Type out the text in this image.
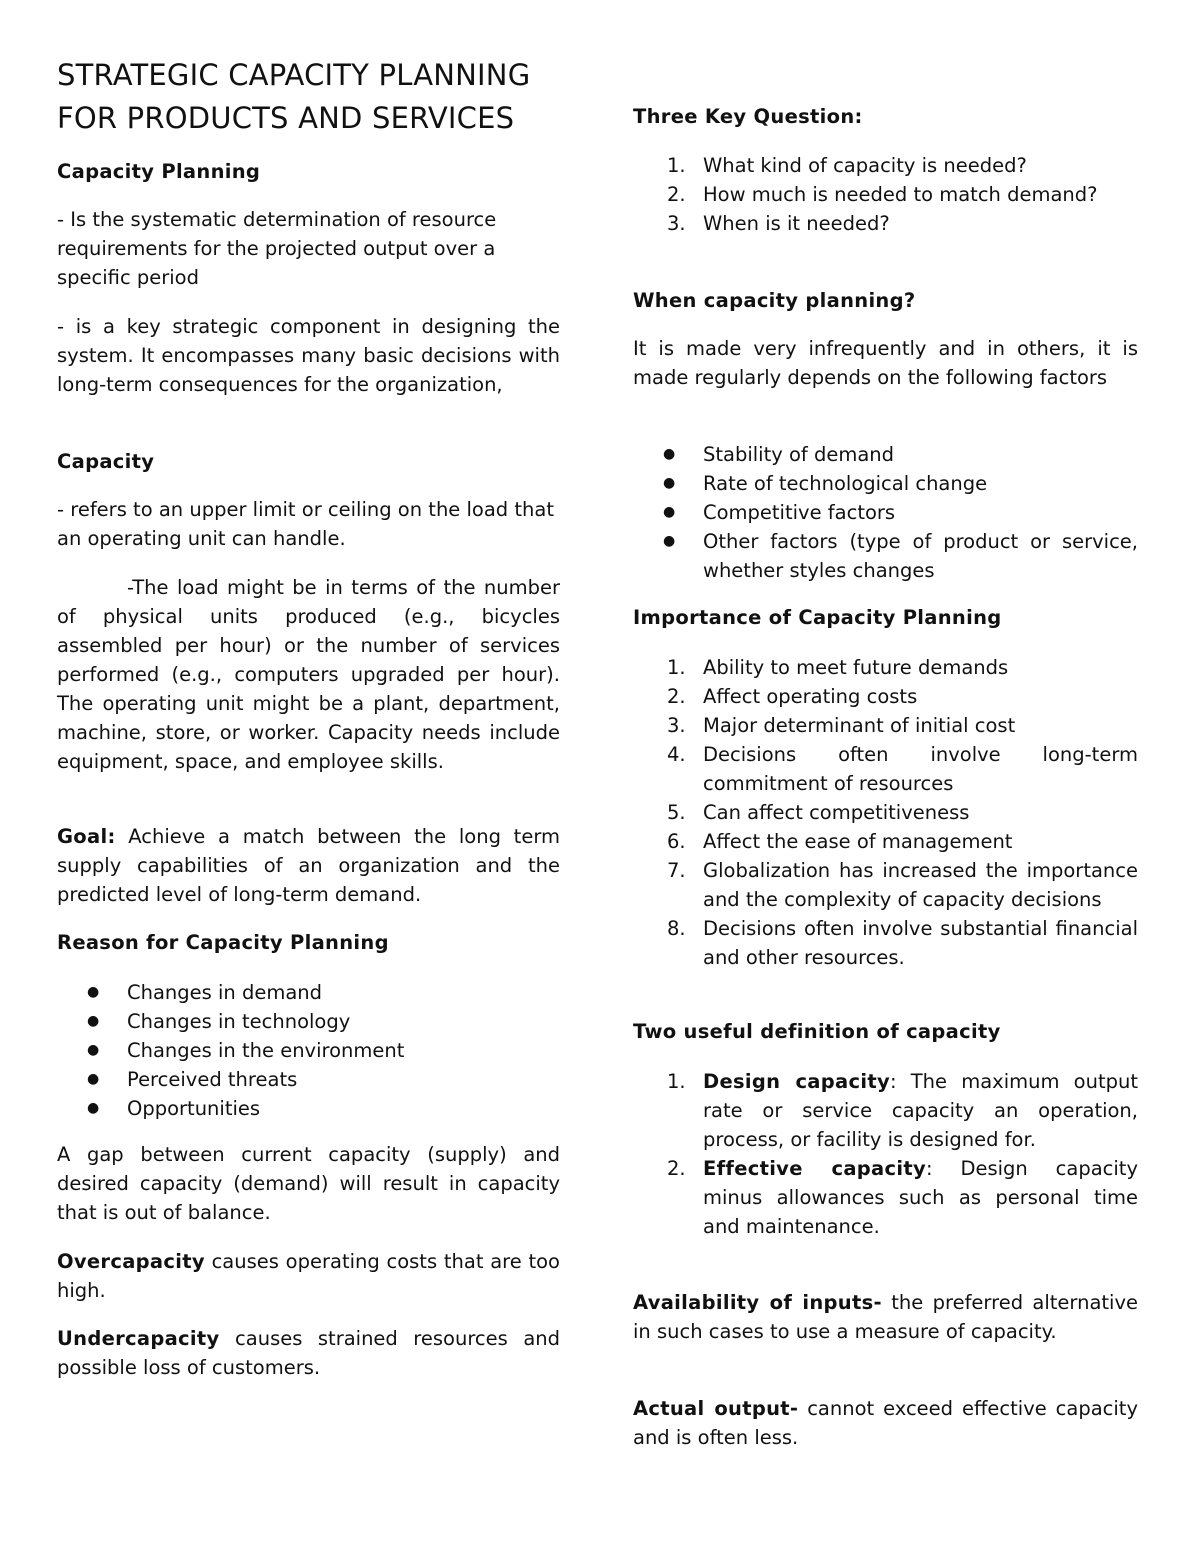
STRATEGIC CAPACITY PLANNING
FOR PRODUCTS AND SERVICES
Capacity Planning
- Is the systematic determination of resource requirements for the projected output over a specific period
- is a key strategic component in designing the system. It encompasses many basic decisions with long-term consequences for the organization,
Capacity
- refers to an upper limit or ceiling on the load that an operating unit can handle.
-The load might be in terms of the number of physical units produced (e.g., bicycles assembled per hour) or the number of services performed (e.g., computers upgraded per hour). The operating unit might be a plant, department, machine, store, or worker. Capacity needs include equipment, space, and employee skills.
Goal: Achieve a match between the long term supply capabilities of an organization and the predicted level of long-term demand.
Reason for Capacity Planning
● Changes in demand
● Changes in technology
● Changes in the environment
● Perceived threats
● Opportunities
A gap between current capacity (supply) and desired capacity (demand) will result in capacity that is out of balance.
Overcapacity causes operating costs that are too high.
Undercapacity causes strained resources and possible loss of customers.
Three Key Question:
1. What kind of capacity is needed?
2. How much is needed to match demand?
3. When is it needed?
When capacity planning?
It is made very infrequently and in others, it is made regularly depends on the following factors
● Stability of demand
● Rate of technological change
● Competitive factors
● Other factors (type of product or service, whether styles changes
Importance of Capacity Planning
1. Ability to meet future demands
2. Affect operating costs
3. Major determinant of initial cost
4. Decisions often involve long-term commitment of resources
5. Can affect competitiveness
6. Affect the ease of management
7. Globalization has increased the importance and the complexity of capacity decisions
8. Decisions often involve substantial financial and other resources.
Two useful definition of capacity
1. Design capacity: The maximum output rate or service capacity an operation, process, or facility is designed for.
2. Effective capacity: Design capacity minus allowances such as personal time and maintenance.
Availability of inputs- the preferred alternative in such cases to use a measure of capacity.
Actual output- cannot exceed effective capacity and is often less.
